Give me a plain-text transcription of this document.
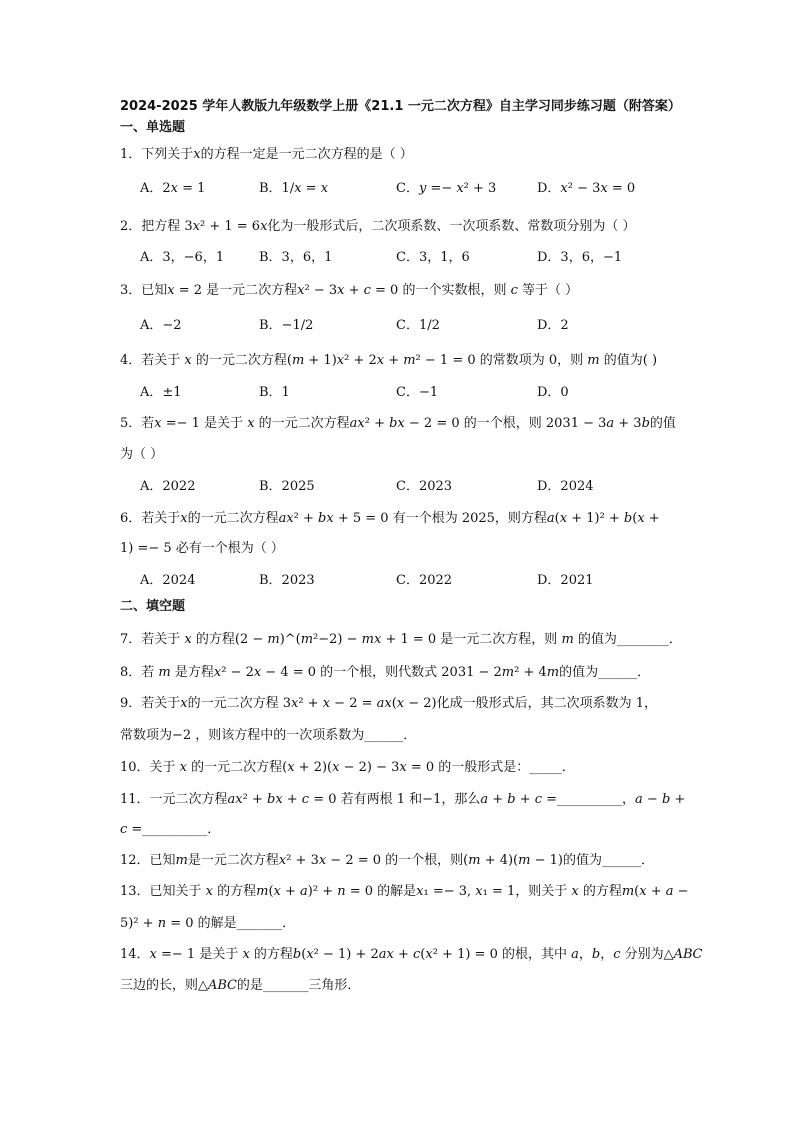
2024-2025 学年人教版九年级数学上册《21.1 一元二次方程》自主学习同步练习题（附答案）
一、单选题
1．下列关于𝑥的方程一定是一元二次方程的是（ ）
A．2𝑥 = 1	B．1/𝑥 = 𝑥	C．𝑦 =− 𝑥² + 3	D．𝑥² − 3𝑥 = 0
2．把方程 3𝑥² + 1 = 6𝑥化为一般形式后，二次项系数、一次项系数、常数项分别为（ ）
A．3，−6，1	B．3，6，1	C．3，1，6	D．3，6，−1
3．已知𝑥 = 2 是一元二次方程𝑥² − 3𝑥 + 𝑐 = 0 的一个实数根，则 𝑐 等于（ ）
A．−2	B．−1/2	C．1/2	D．2
4．若关于 𝑥 的一元二次方程(𝑚 + 1)𝑥² + 2𝑥 + 𝑚² − 1 = 0 的常数项为 0，则 𝑚 的值为( )
A．±1	B．1	C．−1	D．0
5．若𝑥 =− 1 是关于 𝑥 的一元二次方程𝑎𝑥² + 𝑏𝑥 − 2 = 0 的一个根，则 2031 − 3𝑎 + 3𝑏的值
为（ ）
A．2022	B．2025	C．2023	D．2024
6．若关于𝑥的一元二次方程𝑎𝑥² + 𝑏𝑥 + 5 = 0 有一个根为 2025，则方程𝑎(𝑥 + 1)² + 𝑏(𝑥 +
1) =− 5 必有一个根为（ ）
A．2024	B．2023	C．2022	D．2021
二、填空题
7．若关于 𝑥 的方程(2 − 𝑚)^(𝑚²−2) − 𝑚𝑥 + 1 = 0 是一元二次方程，则 𝑚 的值为________．
8．若 𝑚 是方程𝑥² − 2𝑥 − 4 = 0 的一个根，则代数式 2031 − 2𝑚² + 4𝑚的值为______．
9．若关于𝑥的一元二次方程 3𝑥² + 𝑥 − 2 = 𝑎𝑥(𝑥 − 2)化成一般形式后，其二次项系数为 1，
常数项为−2 ，则该方程中的一次项系数为______．
10．关于 𝑥 的一元二次方程(𝑥 + 2)(𝑥 − 2) − 3𝑥 = 0 的一般形式是：_____．
11．一元二次方程𝑎𝑥² + 𝑏𝑥 + 𝑐 = 0 若有两根 1 和−1，那么𝑎 + 𝑏 + 𝑐 =__________，𝑎 − 𝑏 +
𝑐 =__________．
12．已知𝑚是一元二次方程𝑥² + 3𝑥 − 2 = 0 的一个根，则(𝑚 + 4)(𝑚 − 1)的值为______．
13．已知关于 𝑥 的方程𝑚(𝑥 + 𝑎)² + 𝑛 = 0 的解是𝑥₁ =− 3, 𝑥₁ = 1，则关于 𝑥 的方程𝑚(𝑥 + 𝑎 −
5)² + 𝑛 = 0 的解是_______．
14．𝑥 =− 1 是关于 𝑥 的方程𝑏(𝑥² − 1) + 2𝑎𝑥 + 𝑐(𝑥² + 1) = 0 的根，其中 𝑎，𝑏，𝑐 分别为△𝐴𝐵𝐶
三边的长，则△𝐴𝐵𝐶的是_______三角形．
